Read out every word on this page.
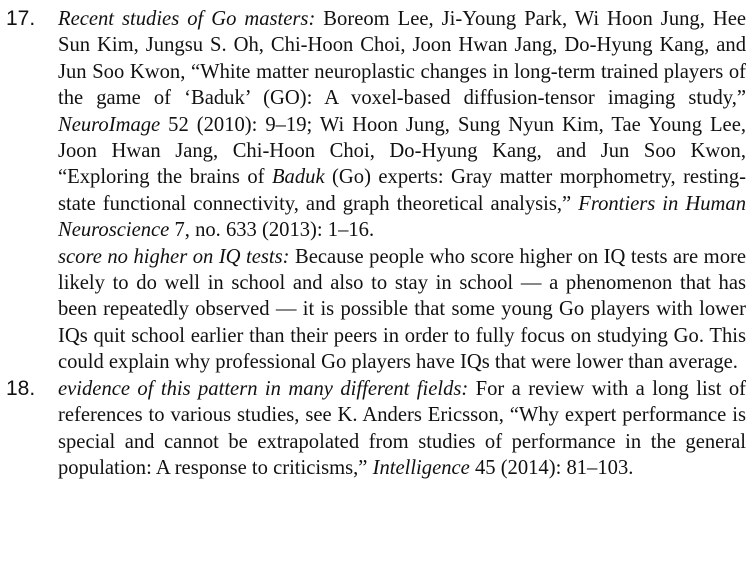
17.	Recent studies of Go masters: Boreom Lee, Ji-Young Park, Wi Hoon Jung, Hee Sun Kim, Jungsu S. Oh, Chi-Hoon Choi, Joon Hwan Jang, Do-Hyung Kang, and Jun Soo Kwon, “White matter neuroplastic changes in long-term trained players of the game of ‘Baduk’ (GO): A voxel-based diffusion-tensor imaging study,” NeuroImage 52 (2010): 9–19; Wi Hoon Jung, Sung Nyun Kim, Tae Young Lee, Joon Hwan Jang, Chi-Hoon Choi, Do-Hyung Kang, and Jun Soo Kwon, “Exploring the brains of Baduk (Go) experts: Gray matter morphometry, resting-state functional connectivity, and graph theoretical analysis,” Frontiers in Human Neuroscience 7, no. 633 (2013): 1–16.

score no higher on IQ tests: Because people who score higher on IQ tests are more likely to do well in school and also to stay in school — a phenomenon that has been repeatedly observed — it is possible that some young Go players with lower IQs quit school earlier than their peers in order to fully focus on studying Go. This could explain why professional Go players have IQs that were lower than average.

18.	evidence of this pattern in many different fields: For a review with a long list of references to various studies, see K. Anders Ericsson, “Why expert performance is special and cannot be extrapolated from studies of performance in the general population: A response to criticisms,” Intelligence 45 (2014): 81–103.
